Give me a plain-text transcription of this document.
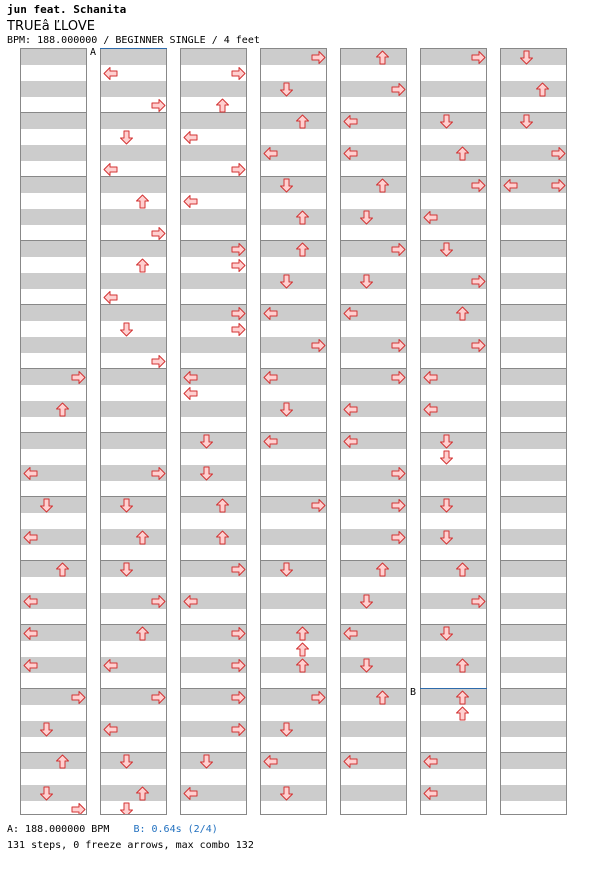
jun feat. Schanita
TRUEâ ĽLOVE
BPM: 188.000000 / BEGINNER SINGLE / 4 feet
A
B
A: 188.000000 BPM B: 0.64s (2/4)
131 steps, 0 freeze arrows, max combo 132
